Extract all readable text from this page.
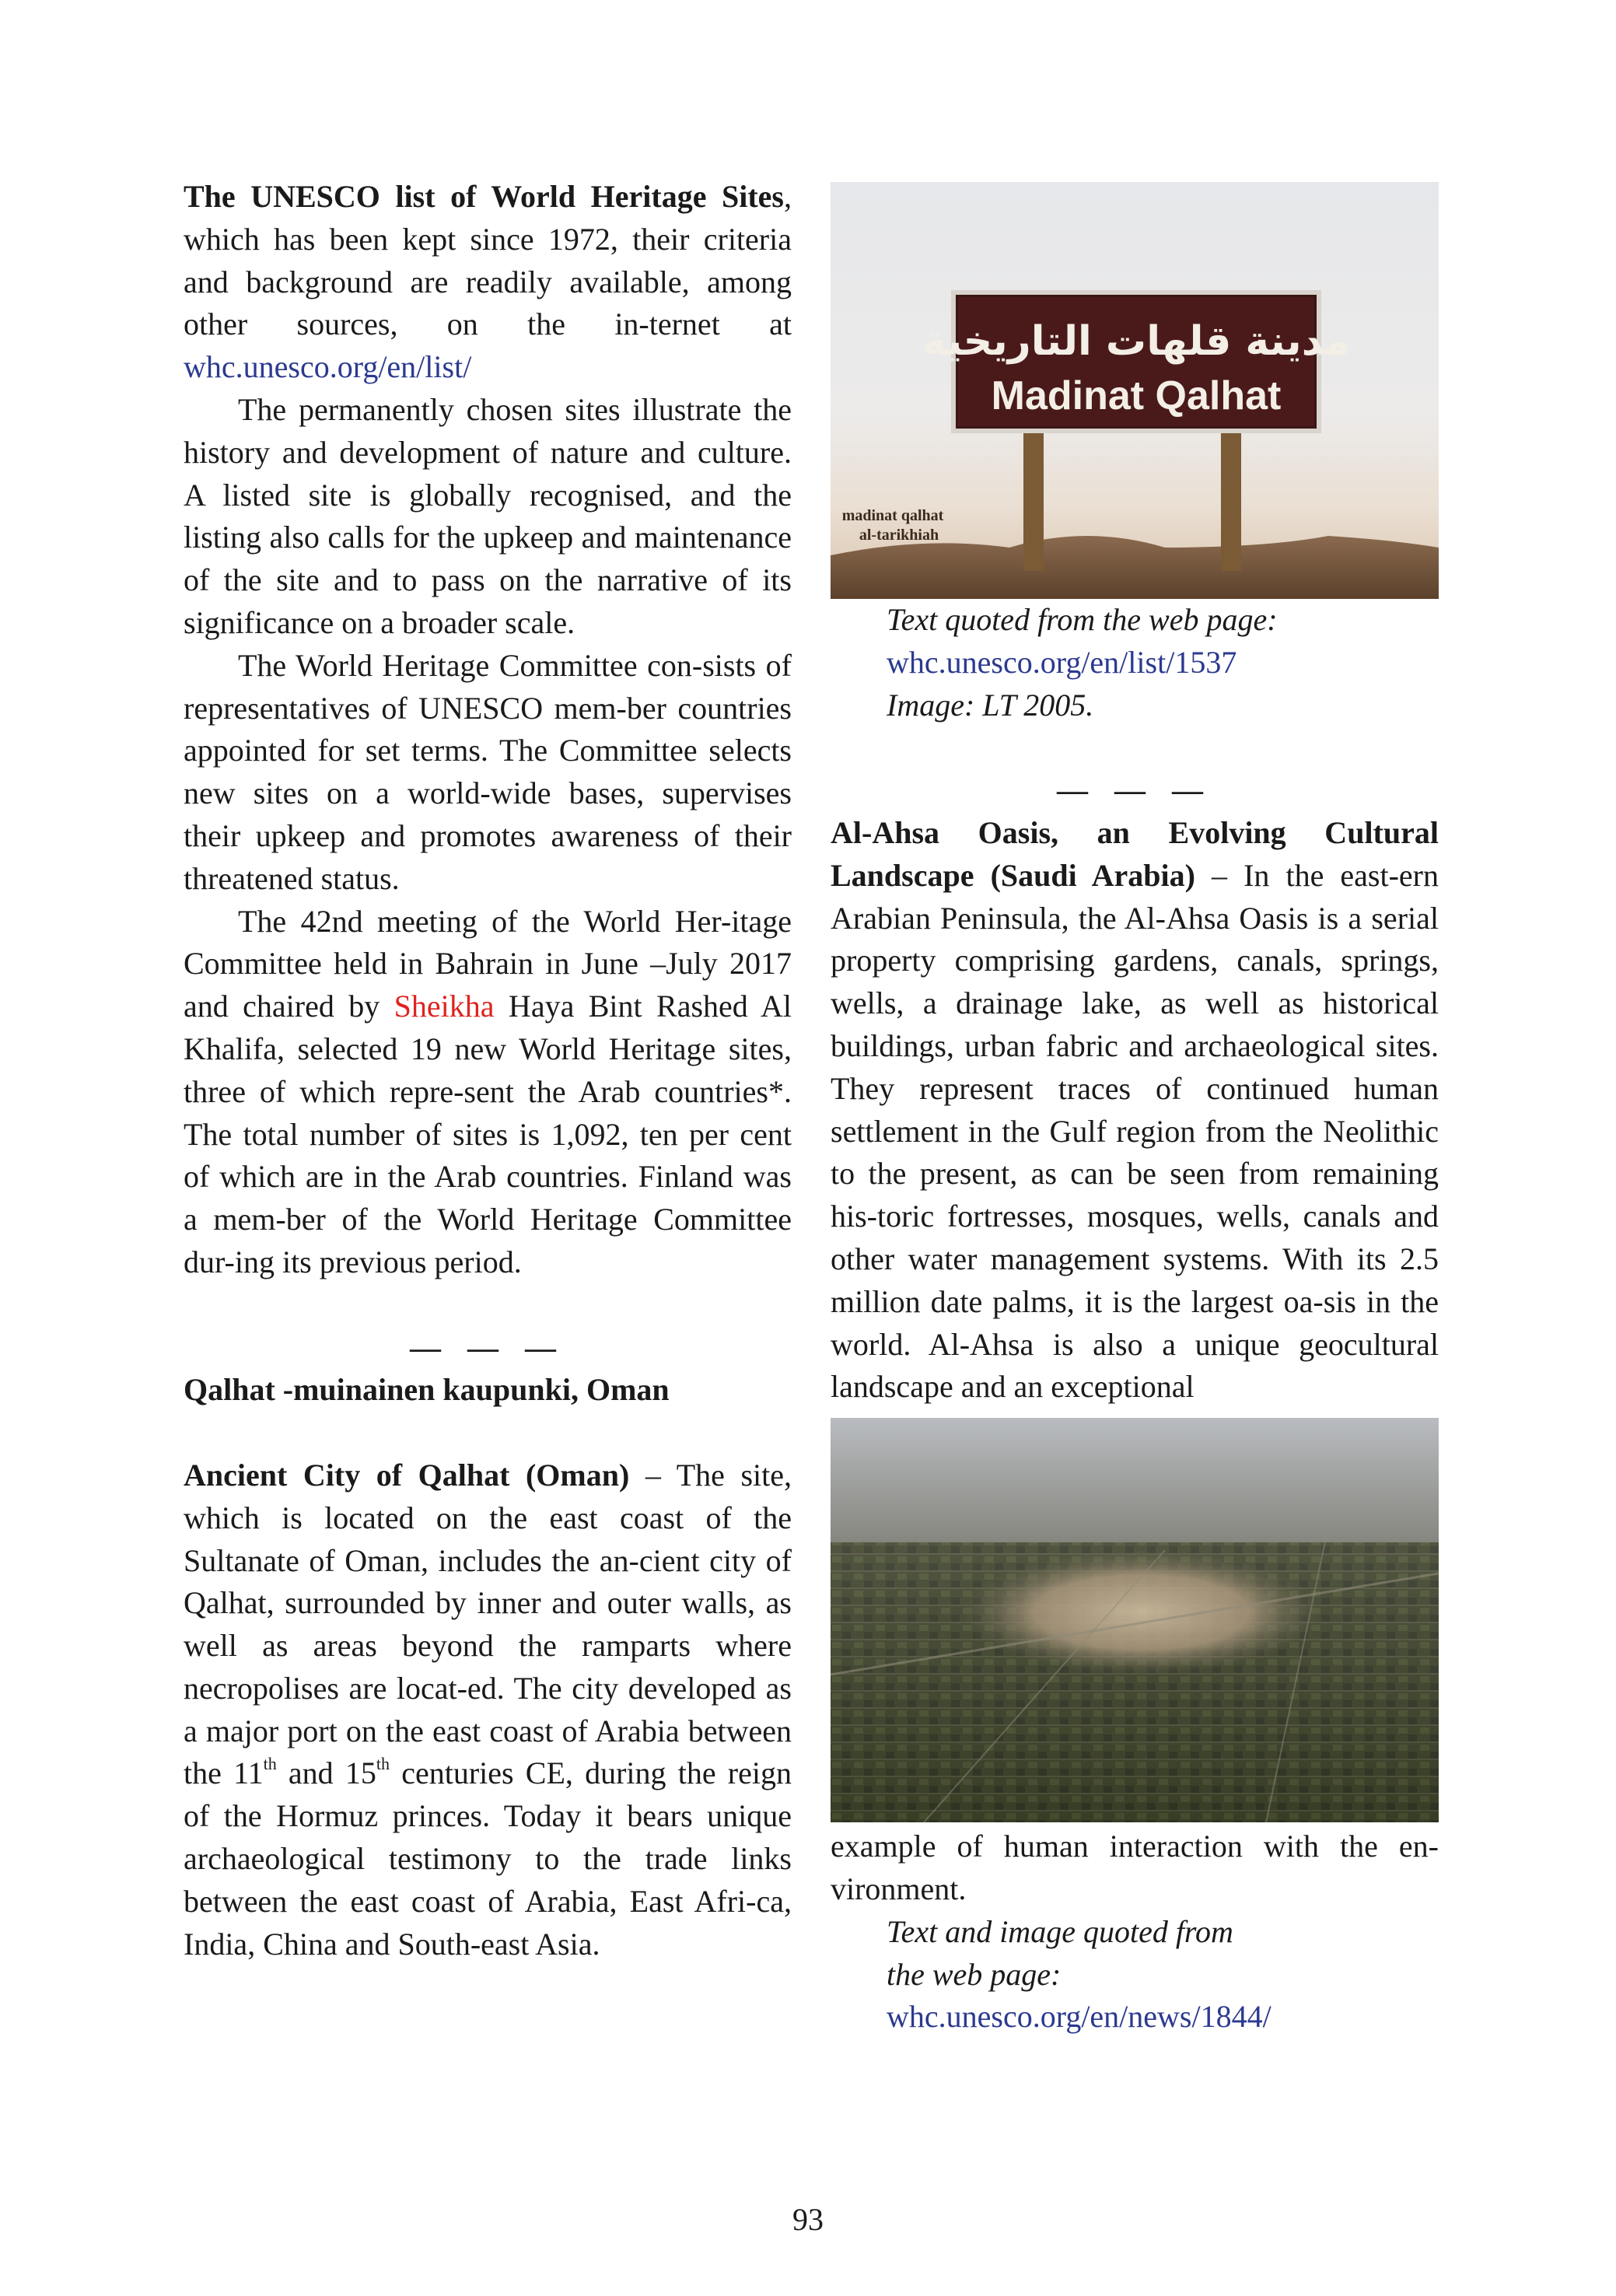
The UNESCO list of World Heritage Sites, which has been kept since 1972, their criteria and background are readily available, among other sources, on the in-ternet at whc.unesco.org/en/list/

The permanently chosen sites illustrate the history and development of nature and culture. A listed site is globally recognised, and the listing also calls for the upkeep and maintenance of the site and to pass on the narrative of its significance on a broader scale.

The World Heritage Committee con-sists of representatives of UNESCO mem-ber countries appointed for set terms. The Committee selects new sites on a world-wide bases, supervises their upkeep and promotes awareness of their threatened status.

The 42nd meeting of the World Her-itage Committee held in Bahrain in June –July 2017 and chaired by Sheikha Haya Bint Rashed Al Khalifa, selected 19 new World Heritage sites, three of which repre-sent the Arab countries*. The total number of sites is 1,092, ten per cent of which are in the Arab countries. Finland was a mem-ber of the World Heritage Committee dur-ing its previous period.

— — —

Qalhat -muinainen kaupunki, Oman

Ancient City of Qalhat (Oman) – The site, which is located on the east coast of the Sultanate of Oman, includes the an-cient city of Qalhat, surrounded by inner and outer walls, as well as areas beyond the ramparts where necropolises are locat-ed. The city developed as a major port on the east coast of Arabia between the 11th and 15th centuries CE, during the reign of the Hormuz princes. Today it bears unique archaeological testimony to the trade links between the east coast of Arabia, East Afri-ca, India, China and South-east Asia.

مدينة قلهات التاريخية
Madinat Qalhat
madinat qalhat
al-tarikhiah

Text quoted from the web page:
whc.unesco.org/en/list/1537
Image: LT 2005.

— — —

Al-Ahsa Oasis, an Evolving Cultural Landscape (Saudi Arabia) – In the east-ern Arabian Peninsula, the Al-Ahsa Oasis is a serial property comprising gardens, canals, springs, wells, a drainage lake, as well as historical buildings, urban fabric and archaeological sites. They represent traces of continued human settlement in the Gulf region from the Neolithic to the present, as can be seen from remaining his-toric fortresses, mosques, wells, canals and other water management systems. With its 2.5 million date palms, it is the largest oa-sis in the world. Al-Ahsa is also a unique geocultural landscape and an exceptional

example of human interaction with the en-vironment.

Text and image quoted from
the web page:
whc.unesco.org/en/news/1844/

93
